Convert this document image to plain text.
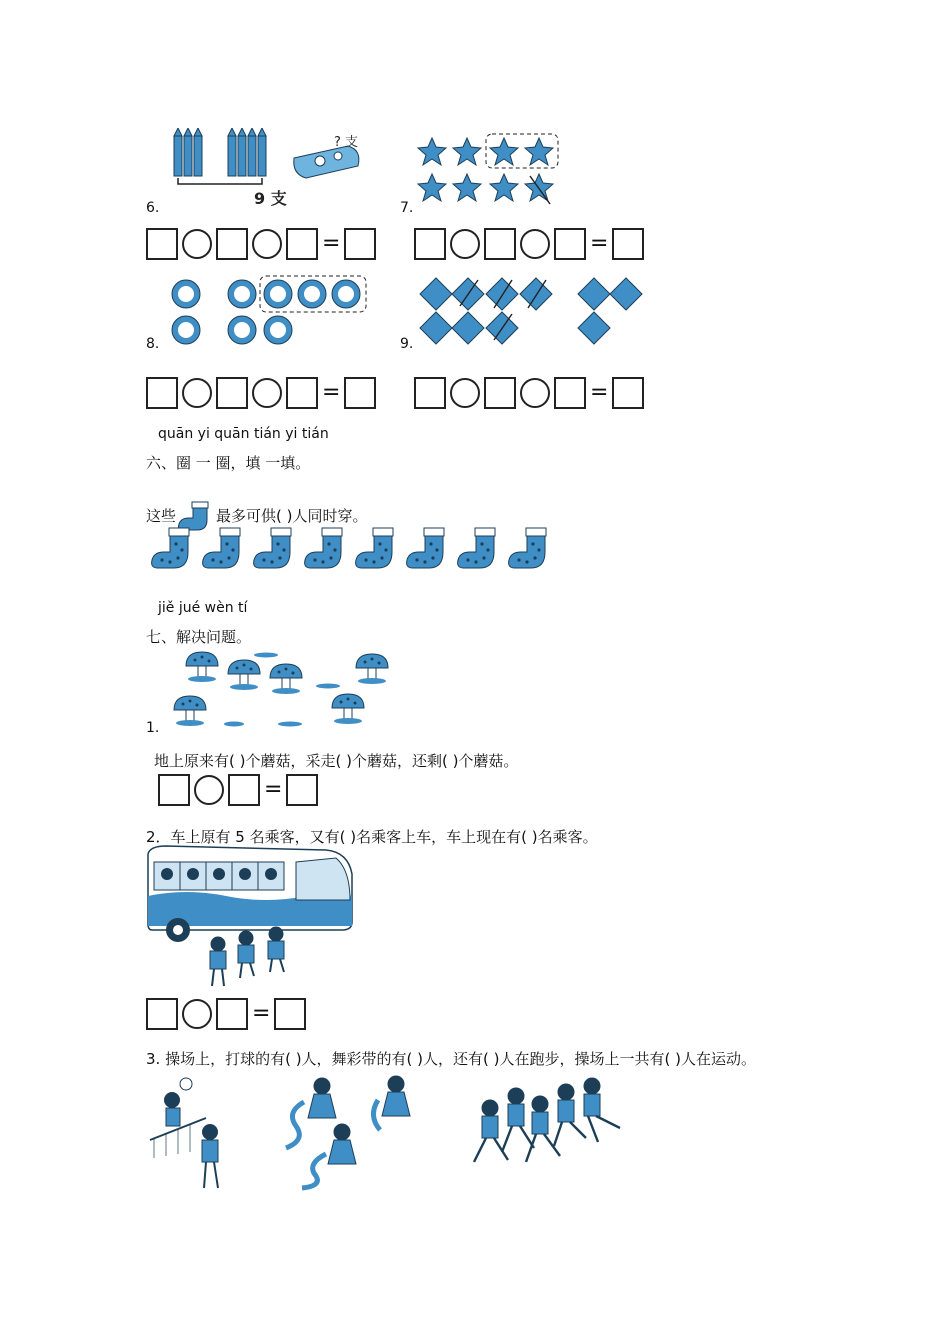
? 支
9 支
6.	7.
=	=
8.	9.
=	=
quān yi quān tián yi tián
六、圈 一 圈，填 一填。
这些	最多可供( )人同时穿。
jiě jué wèn tí
七、解决问题。
1.
地上原来有( )个蘑菇，采走( )个蘑菇，还剩( )个蘑菇。
=
2．车上原有 5 名乘客，又有( )名乘客上车，车上现在有( )名乘客。
=
3. 操场上，打球的有( )人，舞彩带的有( )人，还有( )人在跑步，操场上一共有( )人在运动。
